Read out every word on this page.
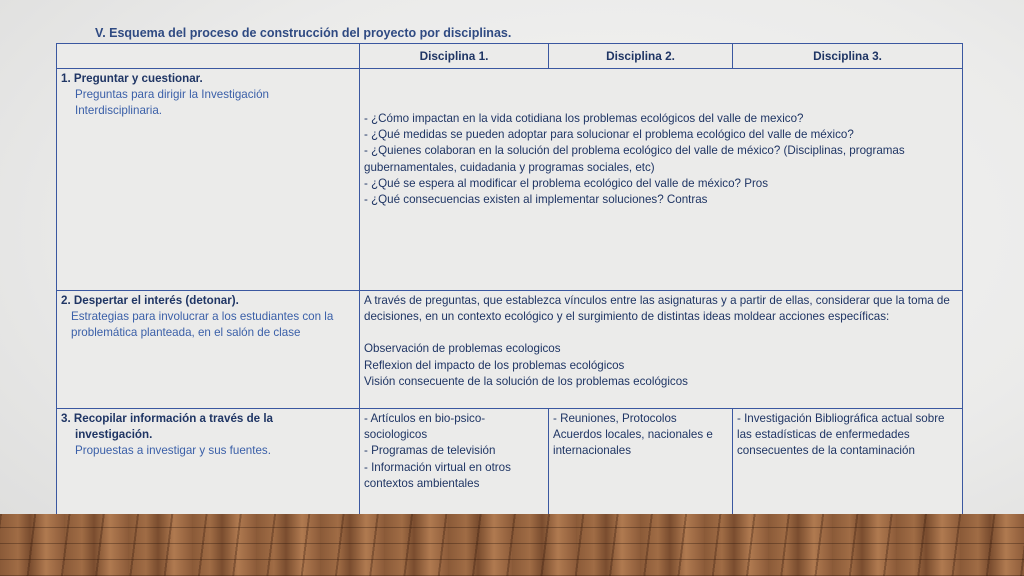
V. Esquema del proceso de construcción del proyecto por disciplinas.
	Disciplina 1.	Disciplina 2.	Disciplina 3.

1. Preguntar y cuestionar.
Preguntas para dirigir la Investigación Interdisciplinaria.	- ¿Cómo impactan en la vida cotidiana los problemas ecológicos del valle de mexico?
- ¿Qué medidas se pueden adoptar para solucionar el problema ecológico del valle de méxico?
- ¿Quienes colaboran en la solución del problema ecológico del valle de méxico? (Disciplinas, programas gubernamentales, cuidadania y programas sociales, etc)
- ¿Qué se espera al modificar el problema ecológico del valle de méxico? Pros
- ¿Qué consecuencias existen al implementar soluciones? Contras		

2. Despertar el interés (detonar).
Estrategias para involucrar a los estudiantes con la problemática planteada, en el salón de clase	A través de preguntas, que establezca vínculos entre las asignaturas y a partir de ellas, considerar que la toma de decisiones, en un contexto ecológico y el surgimiento de distintas ideas moldear acciones específicas:
Observación de problemas ecologicos
Reflexion del impacto de los problemas ecológicos
Visión consecuente de la solución de los problemas ecológicos		

3. Recopilar información a través de la
investigación.
Propuestas a investigar y sus fuentes.	- Artículos en bio-psico-sociologicos
- Programas de televisión
- Información virtual en otros contextos ambientales	- Reuniones, Protocolos
Acuerdos locales, nacionales e internacionales	- Investigación Bibliográfica actual sobre las estadísticas de enfermedades consecuentes de la contaminación
